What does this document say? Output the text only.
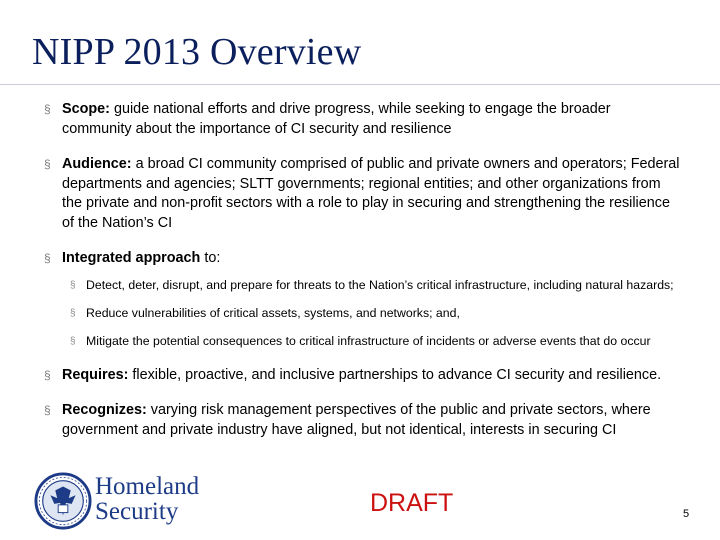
NIPP 2013 Overview
§ Scope: guide national efforts and drive progress, while seeking to engage the broader community about the importance of CI security and resilience
§ Audience: a broad CI community comprised of public and private owners and operators; Federal departments and agencies; SLTT governments; regional entities; and other organizations from the private and non-profit sectors with a role to play in securing and strengthening the resilience of the Nation’s CI
§ Integrated approach to:
§ Detect, deter, disrupt, and prepare for threats to the Nation’s critical infrastructure, including natural hazards;
§ Reduce vulnerabilities of critical assets, systems, and networks; and,
§ Mitigate the potential consequences to critical infrastructure of incidents or adverse events that do occur
§ Requires: flexible, proactive, and inclusive partnerships to advance CI security and resilience.
§ Recognizes: varying risk management perspectives of the public and private sectors, where government and private industry have aligned, but not identical, interests in securing CI
Homeland
Security	DRAFT	5
